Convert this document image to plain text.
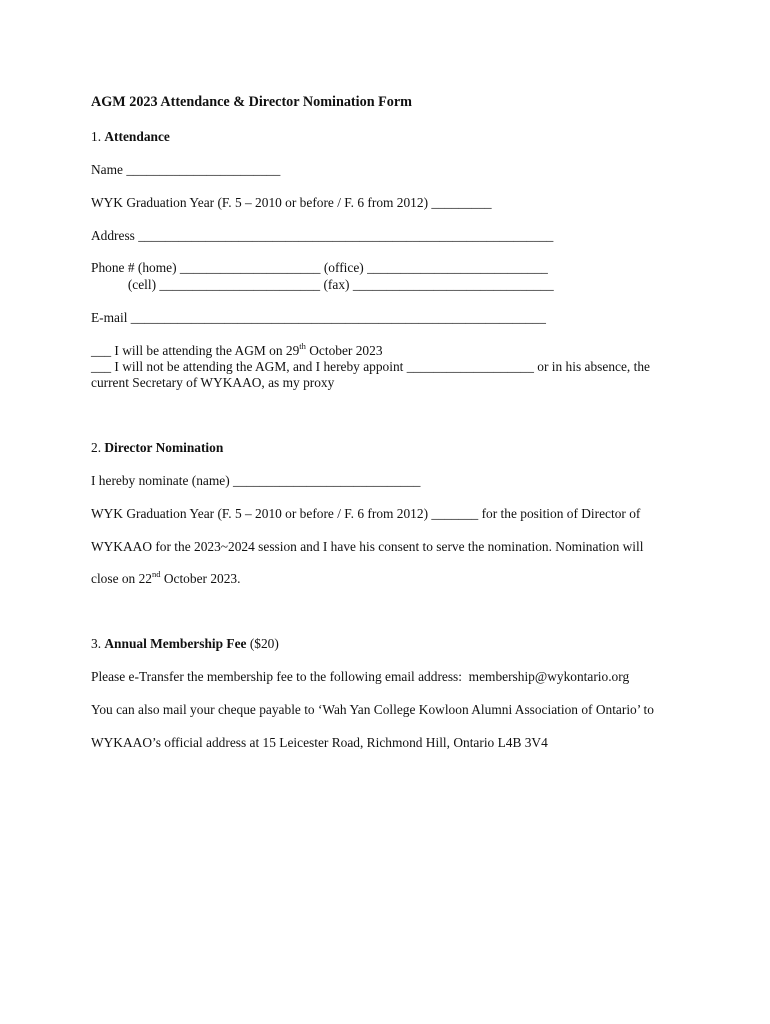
AGM 2023 Attendance & Director Nomination Form
1. Attendance
Name _______________________
WYK Graduation Year (F. 5 – 2010 or before / F. 6 from 2012) _________
Address ______________________________________________________________
Phone # (home) _____________________ (office) ___________________________
(cell) ________________________ (fax) ______________________________
E-mail ______________________________________________________________
___ I will be attending the AGM on 29th October 2023
___ I will not be attending the AGM, and I hereby appoint ___________________ or in his absence, the
current Secretary of WYKAAO, as my proxy
2. Director Nomination
I hereby nominate (name) ____________________________
WYK Graduation Year (F. 5 – 2010 or before / F. 6 from 2012) _______ for the position of Director of
WYKAAO for the 2023~2024 session and I have his consent to serve the nomination. Nomination will
close on 22nd October 2023.
3. Annual Membership Fee ($20)
Please e-Transfer the membership fee to the following email address:  membership@wykontario.org
You can also mail your cheque payable to ‘Wah Yan College Kowloon Alumni Association of Ontario’ to
WYKAAO’s official address at 15 Leicester Road, Richmond Hill, Ontario L4B 3V4
